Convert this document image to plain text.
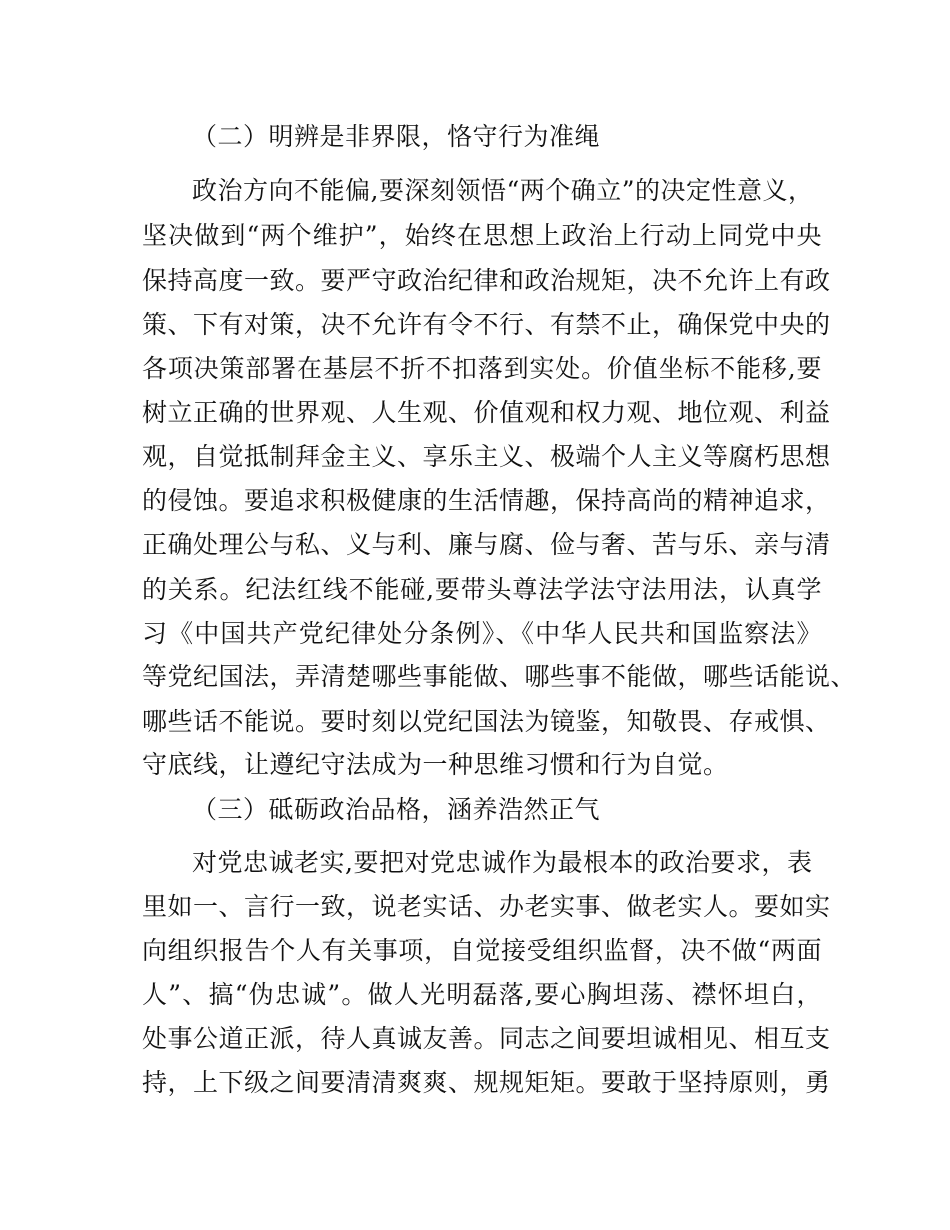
（二）明辨是非界限，恪守行为准绳
政治方向不能偏,要深刻领悟“两个确立”的决定性意义，
坚决做到“两个维护”，始终在思想上政治上行动上同党中央
保持高度一致。要严守政治纪律和政治规矩，决不允许上有政
策、下有对策，决不允许有令不行、有禁不止，确保党中央的
各项决策部署在基层不折不扣落到实处。价值坐标不能移,要
树立正确的世界观、人生观、价值观和权力观、地位观、利益
观，自觉抵制拜金主义、享乐主义、极端个人主义等腐朽思想
的侵蚀。要追求积极健康的生活情趣，保持高尚的精神追求，
正确处理公与私、义与利、廉与腐、俭与奢、苦与乐、亲与清
的关系。纪法红线不能碰,要带头尊法学法守法用法，认真学
习《中国共产党纪律处分条例》、《中华人民共和国监察法》
等党纪国法，弄清楚哪些事能做、哪些事不能做，哪些话能说、
哪些话不能说。要时刻以党纪国法为镜鉴，知敬畏、存戒惧、
守底线，让遵纪守法成为一种思维习惯和行为自觉。
（三）砥砺政治品格，涵养浩然正气
对党忠诚老实,要把对党忠诚作为最根本的政治要求，表
里如一、言行一致，说老实话、办老实事、做老实人。要如实
向组织报告个人有关事项，自觉接受组织监督，决不做“两面
人”、搞“伪忠诚”。做人光明磊落,要心胸坦荡、襟怀坦白，
处事公道正派，待人真诚友善。同志之间要坦诚相见、相互支
持，上下级之间要清清爽爽、规规矩矩。要敢于坚持原则，勇
